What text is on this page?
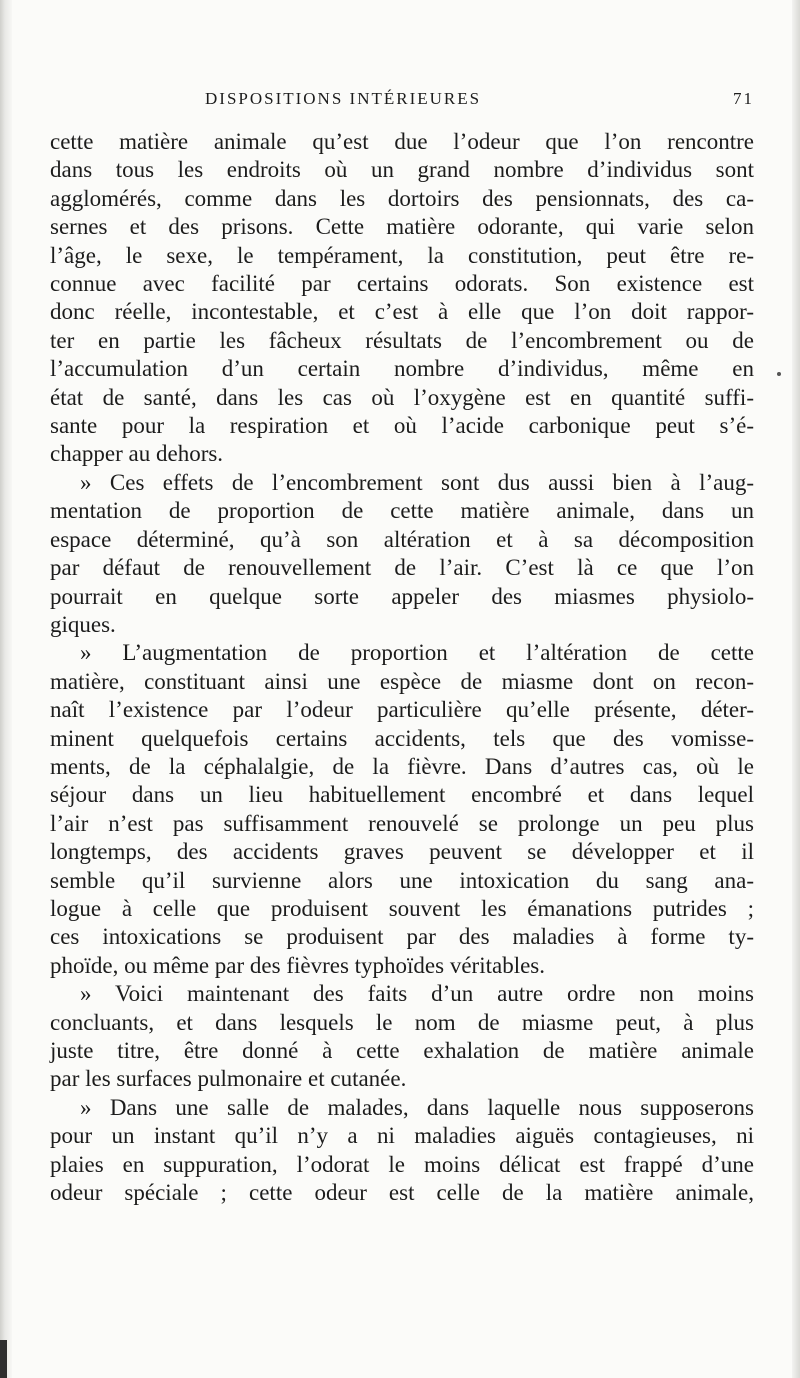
DISPOSITIONS INTÉRIEURES	71
cette matière animale qu’est due l’odeur que l’on rencontre
dans tous les endroits où un grand nombre d’individus sont
agglomérés, comme dans les dortoirs des pensionnats, des ca-
sernes et des prisons. Cette matière odorante, qui varie selon
l’âge, le sexe, le tempérament, la constitution, peut être re-
connue avec facilité par certains odorats. Son existence est
donc réelle, incontestable, et c’est à elle que l’on doit rappor-
ter en partie les fâcheux résultats de l’encombrement ou de
l’accumulation d’un certain nombre d’individus, même en
état de santé, dans les cas où l’oxygène est en quantité suffi-
sante pour la respiration et où l’acide carbonique peut s’é-
chapper au dehors.
» Ces effets de l’encombrement sont dus aussi bien à l’aug-
mentation de proportion de cette matière animale, dans un
espace déterminé, qu’à son altération et à sa décomposition
par défaut de renouvellement de l’air. C’est là ce que l’on
pourrait en quelque sorte appeler des miasmes physiolo-
giques.
» L’augmentation de proportion et l’altération de cette
matière, constituant ainsi une espèce de miasme dont on recon-
naît l’existence par l’odeur particulière qu’elle présente, déter-
minent quelquefois certains accidents, tels que des vomisse-
ments, de la céphalalgie, de la fièvre. Dans d’autres cas, où le
séjour dans un lieu habituellement encombré et dans lequel
l’air n’est pas suffisamment renouvelé se prolonge un peu plus
longtemps, des accidents graves peuvent se développer et il
semble qu’il survienne alors une intoxication du sang ana-
logue à celle que produisent souvent les émanations putrides ;
ces intoxications se produisent par des maladies à forme ty-
phoïde, ou même par des fièvres typhoïdes véritables.
» Voici maintenant des faits d’un autre ordre non moins
concluants, et dans lesquels le nom de miasme peut, à plus
juste titre, être donné à cette exhalation de matière animale
par les surfaces pulmonaire et cutanée.
» Dans une salle de malades, dans laquelle nous supposerons
pour un instant qu’il n’y a ni maladies aiguës contagieuses, ni
plaies en suppuration, l’odorat le moins délicat est frappé d’une
odeur spéciale ; cette odeur est celle de la matière animale,
